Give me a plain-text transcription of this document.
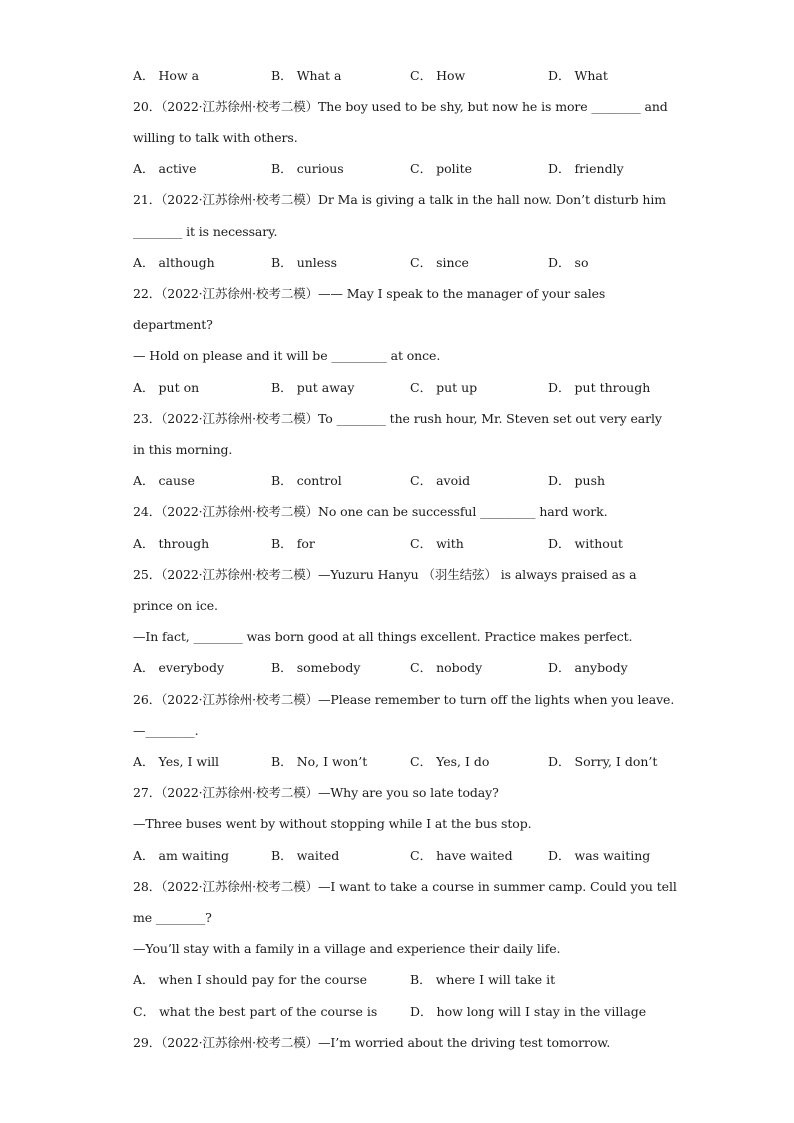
A． How a	B． What a	C． How	D． What
20．（2022·江苏徐州·校考二模）The boy used to be shy, but now he is more ________ and
willing to talk with others.
A． active	B． curious	C． polite	D． friendly
21．（2022·江苏徐州·校考二模）Dr Ma is giving a talk in the hall now. Don’t disturb him
________ it is necessary.
A． although	B． unless	C． since	D． so
22．（2022·江苏徐州·校考二模）—— May I speak to the manager of your sales
department?
— Hold on please and it will be _________ at once.
A． put on	B． put away	C． put up	D． put through
23．（2022·江苏徐州·校考二模）To ________ the rush hour, Mr. Steven set out very early
in this morning.
A． cause	B． control	C． avoid	D． push
24．（2022·江苏徐州·校考二模）No one can be successful _________ hard work.
A． through	B． for	C． with	D． without
25．（2022·江苏徐州·校考二模）—Yuzuru Hanyu （羽生结弦） is always praised as a
prince on ice.
—In fact, ________ was born good at all things excellent. Practice makes perfect.
A． everybody	B． somebody	C． nobody	D． anybody
26．（2022·江苏徐州·校考二模）—Please remember to turn off the lights when you leave.
—________.
A． Yes, I will	B． No, I won’t	C． Yes, I do	D． Sorry, I don’t
27．（2022·江苏徐州·校考二模）—Why are you so late today?
—Three buses went by without stopping while I at the bus stop.
A． am waiting	B． waited	C． have waited	D． was waiting
28．（2022·江苏徐州·校考二模）—I want to take a course in summer camp. Could you tell
me ________?
—You’ll stay with a family in a village and experience their daily life.
A． when I should pay for the course	B． where I will take it
C． what the best part of the course is	D． how long will I stay in the village
29．（2022·江苏徐州·校考二模）—I’m worried about the driving test tomorrow.
